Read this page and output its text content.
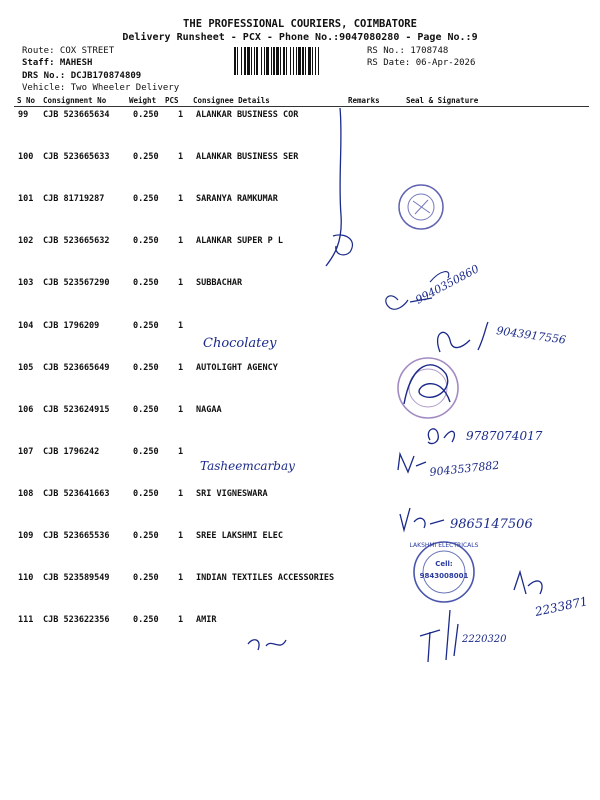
THE PROFESSIONAL COURIERS, COIMBATORE
Delivery Runsheet - PCX - Phone No.:9047080280 - Page No.:9
Route: COX STREET
Staff: MAHESH
DRS No.: DCJB170874809
Vehicle: Two Wheeler Delivery
RS No.: 1708748
RS Date: 06-Apr-2026
S No Consignment No	Weight PCS Consignee Details	Remarks	Seal & Signature
99 CJB 523665634	0.250 1 ALANKAR BUSINESS COR
100 CJB 523665633	0.250 1 ALANKAR BUSINESS SER
101 CJB 81719287	0.250 1 SARANYA RAMKUMAR
102 CJB 523665632	0.250 1 ALANKAR SUPER P L
103 CJB 523567290	0.250 1 SUBBACHAR
104 CJB 1796209	0.250 1
105 CJB 523665649	0.250 1 AUTOLIGHT AGENCY
106 CJB 523624915	0.250 1 NAGAA
107 CJB 1796242	0.250 1
108 CJB 523641663	0.250 1 SRI VIGNESWARA
109 CJB 523665536	0.250 1 SREE LAKSHMI ELEC
110 CJB 523589549	0.250 1 INDIAN TEXTILES ACCESSORIES
111 CJB 523622356	0.250 1 AMIR
9940350860
Chocolatey	9043917556
9787074017
Tasheemcarbay	9043537882
9865147506
LAKSHMI ELECTRICALS
Cell:
9843008001
2233871
2220320
